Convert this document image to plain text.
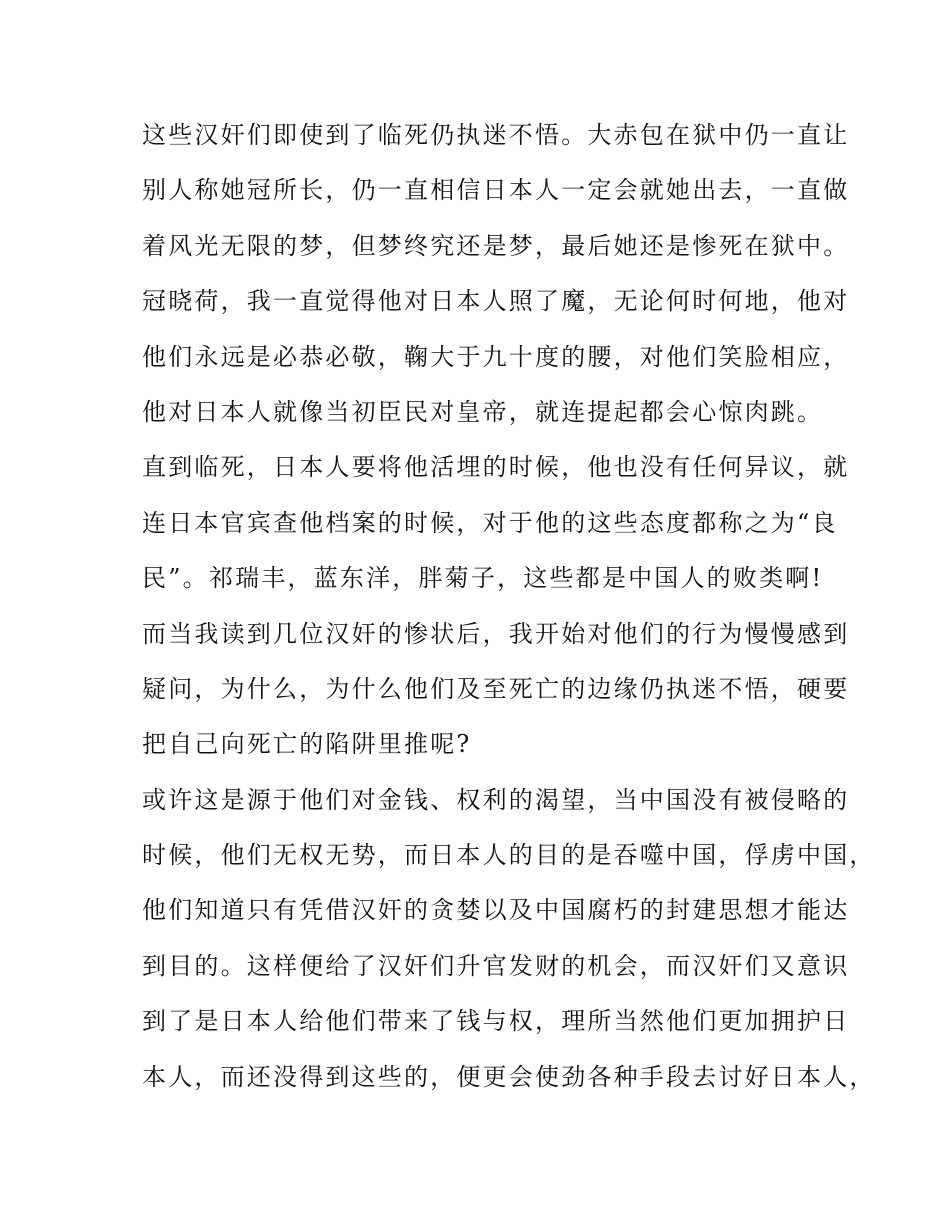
这些汉奸们即使到了临死仍执迷不悟。大赤包在狱中仍一直让
别人称她冠所长，仍一直相信日本人一定会就她出去，一直做
着风光无限的梦，但梦终究还是梦，最后她还是惨死在狱中。
冠晓荷，我一直觉得他对日本人照了魔，无论何时何地，他对
他们永远是必恭必敬，鞠大于九十度的腰，对他们笑脸相应，
他对日本人就像当初臣民对皇帝，就连提起都会心惊肉跳。
直到临死，日本人要将他活埋的时候，他也没有任何异议，就
连日本官宾查他档案的时候，对于他的这些态度都称之为“良
民”。祁瑞丰，蓝东洋，胖菊子，这些都是中国人的败类啊!
而当我读到几位汉奸的惨状后，我开始对他们的行为慢慢感到
疑问，为什么，为什么他们及至死亡的边缘仍执迷不悟，硬要
把自己向死亡的陷阱里推呢?
或许这是源于他们对金钱、权利的渴望，当中国没有被侵略的
时候，他们无权无势，而日本人的目的是吞噬中国，俘虏中国，
他们知道只有凭借汉奸的贪婪以及中国腐朽的封建思想才能达
到目的。这样便给了汉奸们升官发财的机会，而汉奸们又意识
到了是日本人给他们带来了钱与权，理所当然他们更加拥护日
本人，而还没得到这些的，便更会使劲各种手段去讨好日本人，
